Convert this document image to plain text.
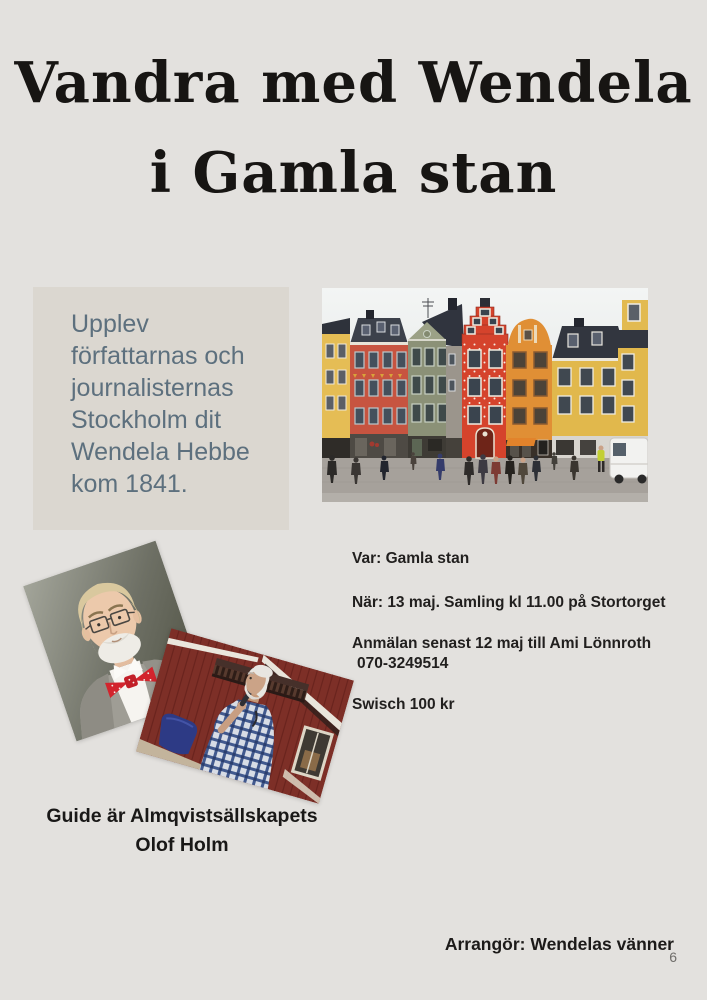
Vandra med Wendela
i Gamla stan
Upplev
författarnas och
journalisternas
Stockholm dit
Wendela Hebbe
kom 1841.

Var: Gamla stan

När: 13 maj. Samling kl 11.00 på Stortorget

Anmälan senast 12 maj till Ami Lönnroth

070-3249514

Swisch 100 kr

Guide är Almqvistsällskapets
Olof Holm
Arrangör: Wendelas vänner
6
